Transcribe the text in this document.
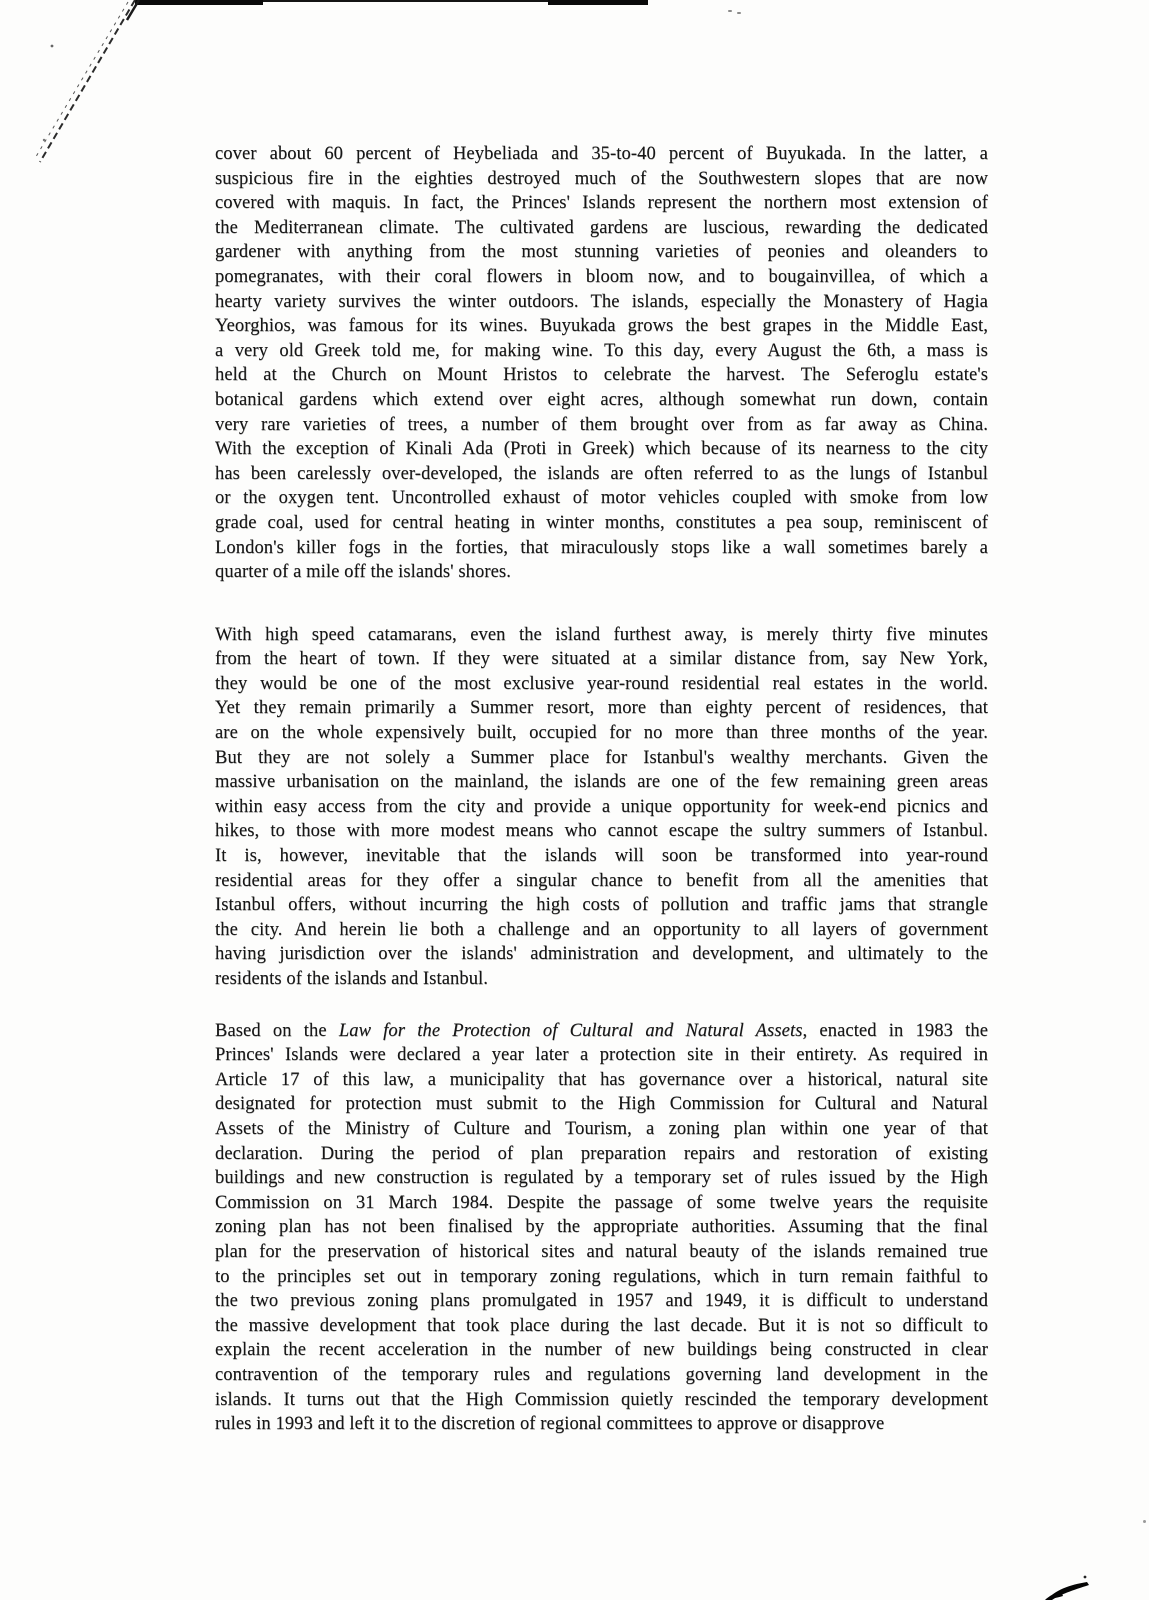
cover about 60 percent of Heybeliada and 35-to-40 percent of Buyukada. In the latter, a
suspicious fire in the eighties destroyed much of the Southwestern slopes that are now
covered with maquis. In fact, the Princes' Islands represent the northern most extension of
the Mediterranean climate. The cultivated gardens are luscious, rewarding the dedicated
gardener with anything from the most stunning varieties of peonies and oleanders to
pomegranates, with their coral flowers in bloom now, and to bougainvillea, of which a
hearty variety survives the winter outdoors. The islands, especially the Monastery of Hagia
Yeorghios, was famous for its wines. Buyukada grows the best grapes in the Middle East,
a very old Greek told me, for making wine. To this day, every August the 6th, a mass is
held at the Church on Mount Hristos to celebrate the harvest. The Seferoglu estate's
botanical gardens which extend over eight acres, although somewhat run down, contain
very rare varieties of trees, a number of them brought over from as far away as China.
With the exception of Kinali Ada (Proti in Greek) which because of its nearness to the city
has been carelessly over-developed, the islands are often referred to as the lungs of Istanbul
or the oxygen tent. Uncontrolled exhaust of motor vehicles coupled with smoke from low
grade coal, used for central heating in winter months, constitutes a pea soup, reminiscent of
London's killer fogs in the forties, that miraculously stops like a wall sometimes barely a
quarter of a mile off the islands' shores.
With high speed catamarans, even the island furthest away, is merely thirty five minutes
from the heart of town. If they were situated at a similar distance from, say New York,
they would be one of the most exclusive year-round residential real estates in the world.
Yet they remain primarily a Summer resort, more than eighty percent of residences, that
are on the whole expensively built, occupied for no more than three months of the year.
But they are not solely a Summer place for Istanbul's wealthy merchants. Given the
massive urbanisation on the mainland, the islands are one of the few remaining green areas
within easy access from the city and provide a unique opportunity for week-end picnics and
hikes, to those with more modest means who cannot escape the sultry summers of Istanbul.
It is, however, inevitable that the islands will soon be transformed into year-round
residential areas for they offer a singular chance to benefit from all the amenities that
Istanbul offers, without incurring the high costs of pollution and traffic jams that strangle
the city. And herein lie both a challenge and an opportunity to all layers of government
having jurisdiction over the islands' administration and development, and ultimately to the
residents of the islands and Istanbul.
Based on the Law for the Protection of Cultural and Natural Assets, enacted in 1983 the
Princes' Islands were declared a year later a protection site in their entirety. As required in
Article 17 of this law, a municipality that has governance over a historical, natural site
designated for protection must submit to the High Commission for Cultural and Natural
Assets of the Ministry of Culture and Tourism, a zoning plan within one year of that
declaration. During the period of plan preparation repairs and restoration of existing
buildings and new construction is regulated by a temporary set of rules issued by the High
Commission on 31 March 1984. Despite the passage of some twelve years the requisite
zoning plan has not been finalised by the appropriate authorities. Assuming that the final
plan for the preservation of historical sites and natural beauty of the islands remained true
to the principles set out in temporary zoning regulations, which in turn remain faithful to
the two previous zoning plans promulgated in 1957 and 1949, it is difficult to understand
the massive development that took place during the last decade. But it is not so difficult to
explain the recent acceleration in the number of new buildings being constructed in clear
contravention of the temporary rules and regulations governing land development in the
islands. It turns out that the High Commission quietly rescinded the temporary development
rules in 1993 and left it to the discretion of regional committees to approve or disapprove
